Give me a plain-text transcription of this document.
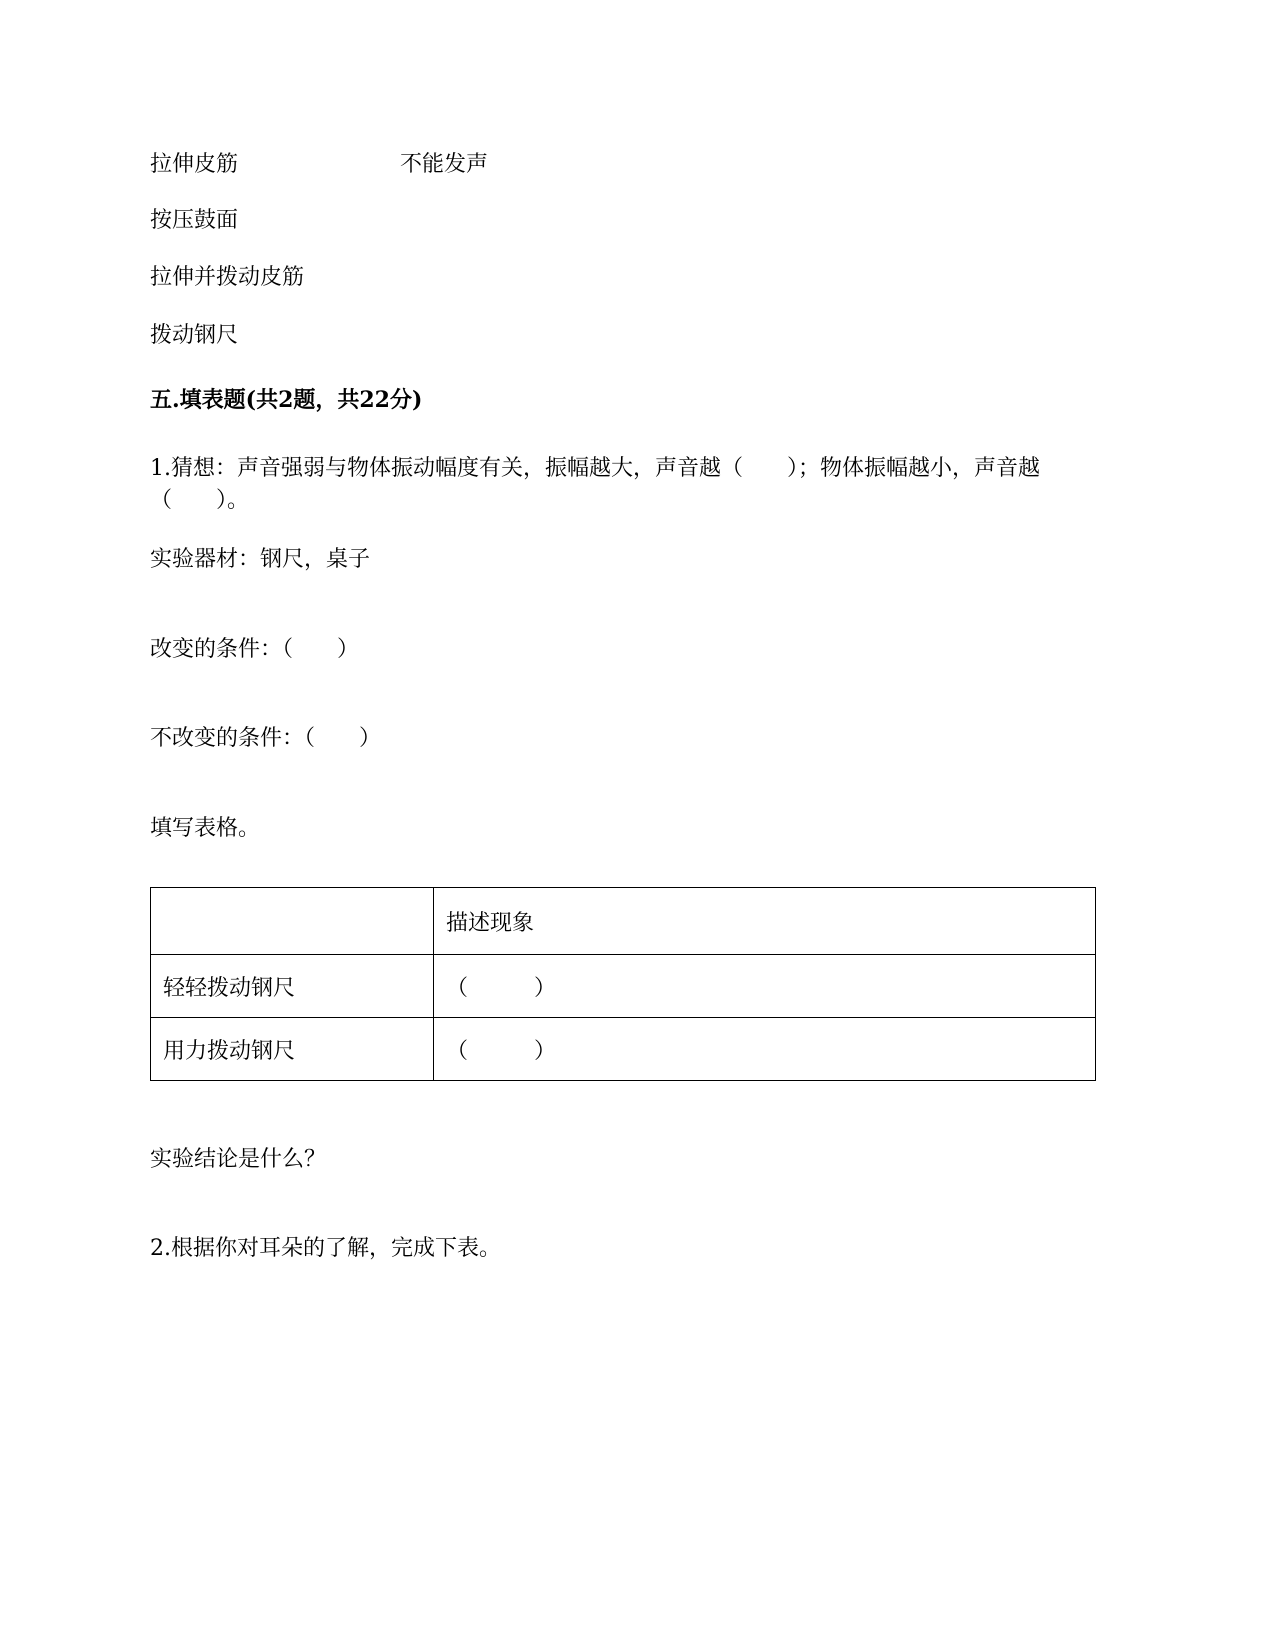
拉伸皮筋	不能发声
按压鼓面
拉伸并拨动皮筋
拨动钢尺
五.填表题(共2题，共22分)
1.猜想：声音强弱与物体振动幅度有关，振幅越大，声音越（　　）；物体振幅越小，声音越（　　）。
实验器材：钢尺，桌子
改变的条件：（　　）
不改变的条件：（　　）
填写表格。
	描述现象
轻轻拨动钢尺	（　　　）
用力拨动钢尺	（　　　）
实验结论是什么？
2.根据你对耳朵的了解，完成下表。
